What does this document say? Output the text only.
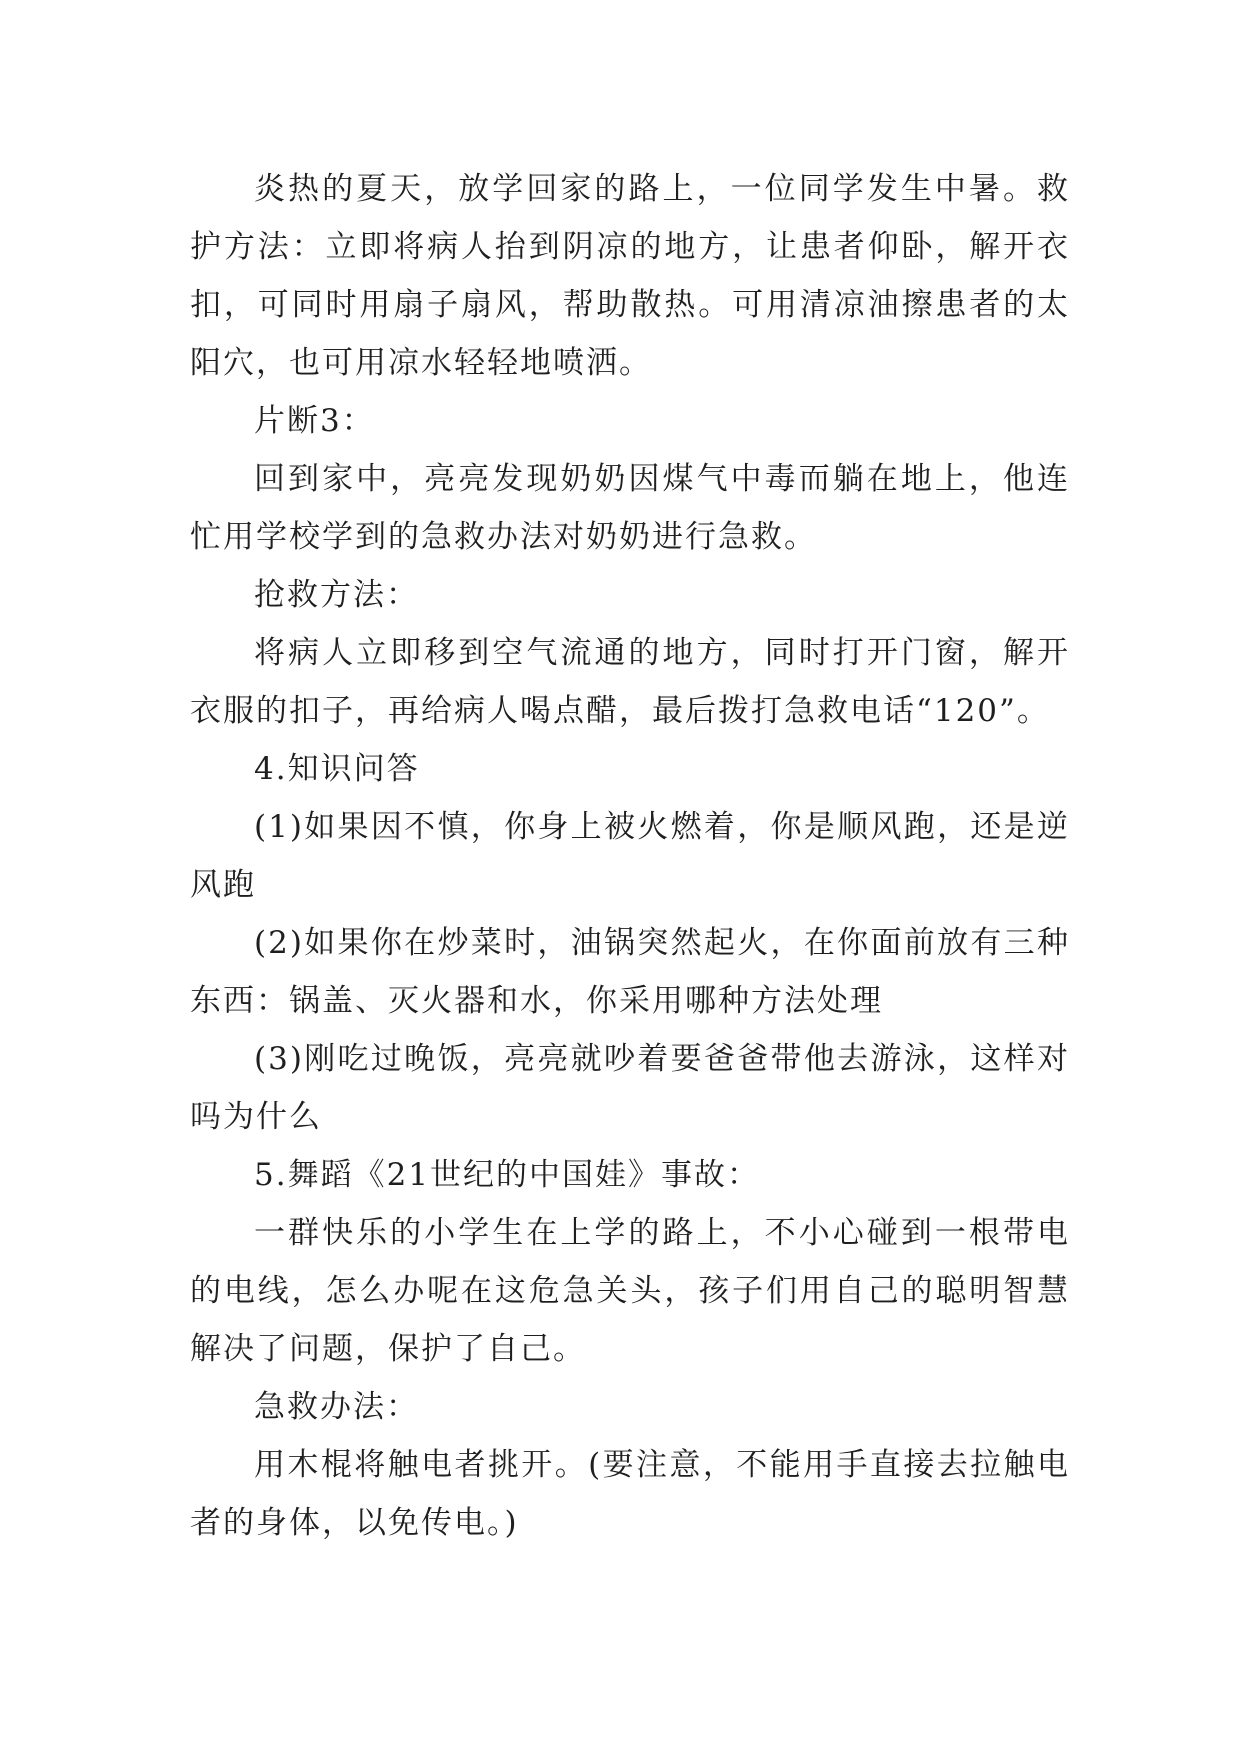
炎热的夏天，放学回家的路上，一位同学发生中暑。救护方法：立即将病人抬到阴凉的地方，让患者仰卧，解开衣扣，可同时用扇子扇风，帮助散热。可用清凉油擦患者的太阳穴，也可用凉水轻轻地喷洒。

片断3：

回到家中，亮亮发现奶奶因煤气中毒而躺在地上，他连忙用学校学到的急救办法对奶奶进行急救。

抢救方法：

将病人立即移到空气流通的地方，同时打开门窗，解开衣服的扣子，再给病人喝点醋，最后拨打急救电话“120”。

4.知识问答

(1)如果因不慎，你身上被火燃着，你是顺风跑，还是逆风跑

(2)如果你在炒菜时，油锅突然起火，在你面前放有三种东西：锅盖、灭火器和水，你采用哪种方法处理

(3)刚吃过晚饭，亮亮就吵着要爸爸带他去游泳，这样对吗为什么

5.舞蹈《21世纪的中国娃》事故：

一群快乐的小学生在上学的路上，不小心碰到一根带电的电线，怎么办呢在这危急关头，孩子们用自己的聪明智慧解决了问题，保护了自己。

急救办法：

用木棍将触电者挑开。(要注意，不能用手直接去拉触电者的身体，以免传电。)
